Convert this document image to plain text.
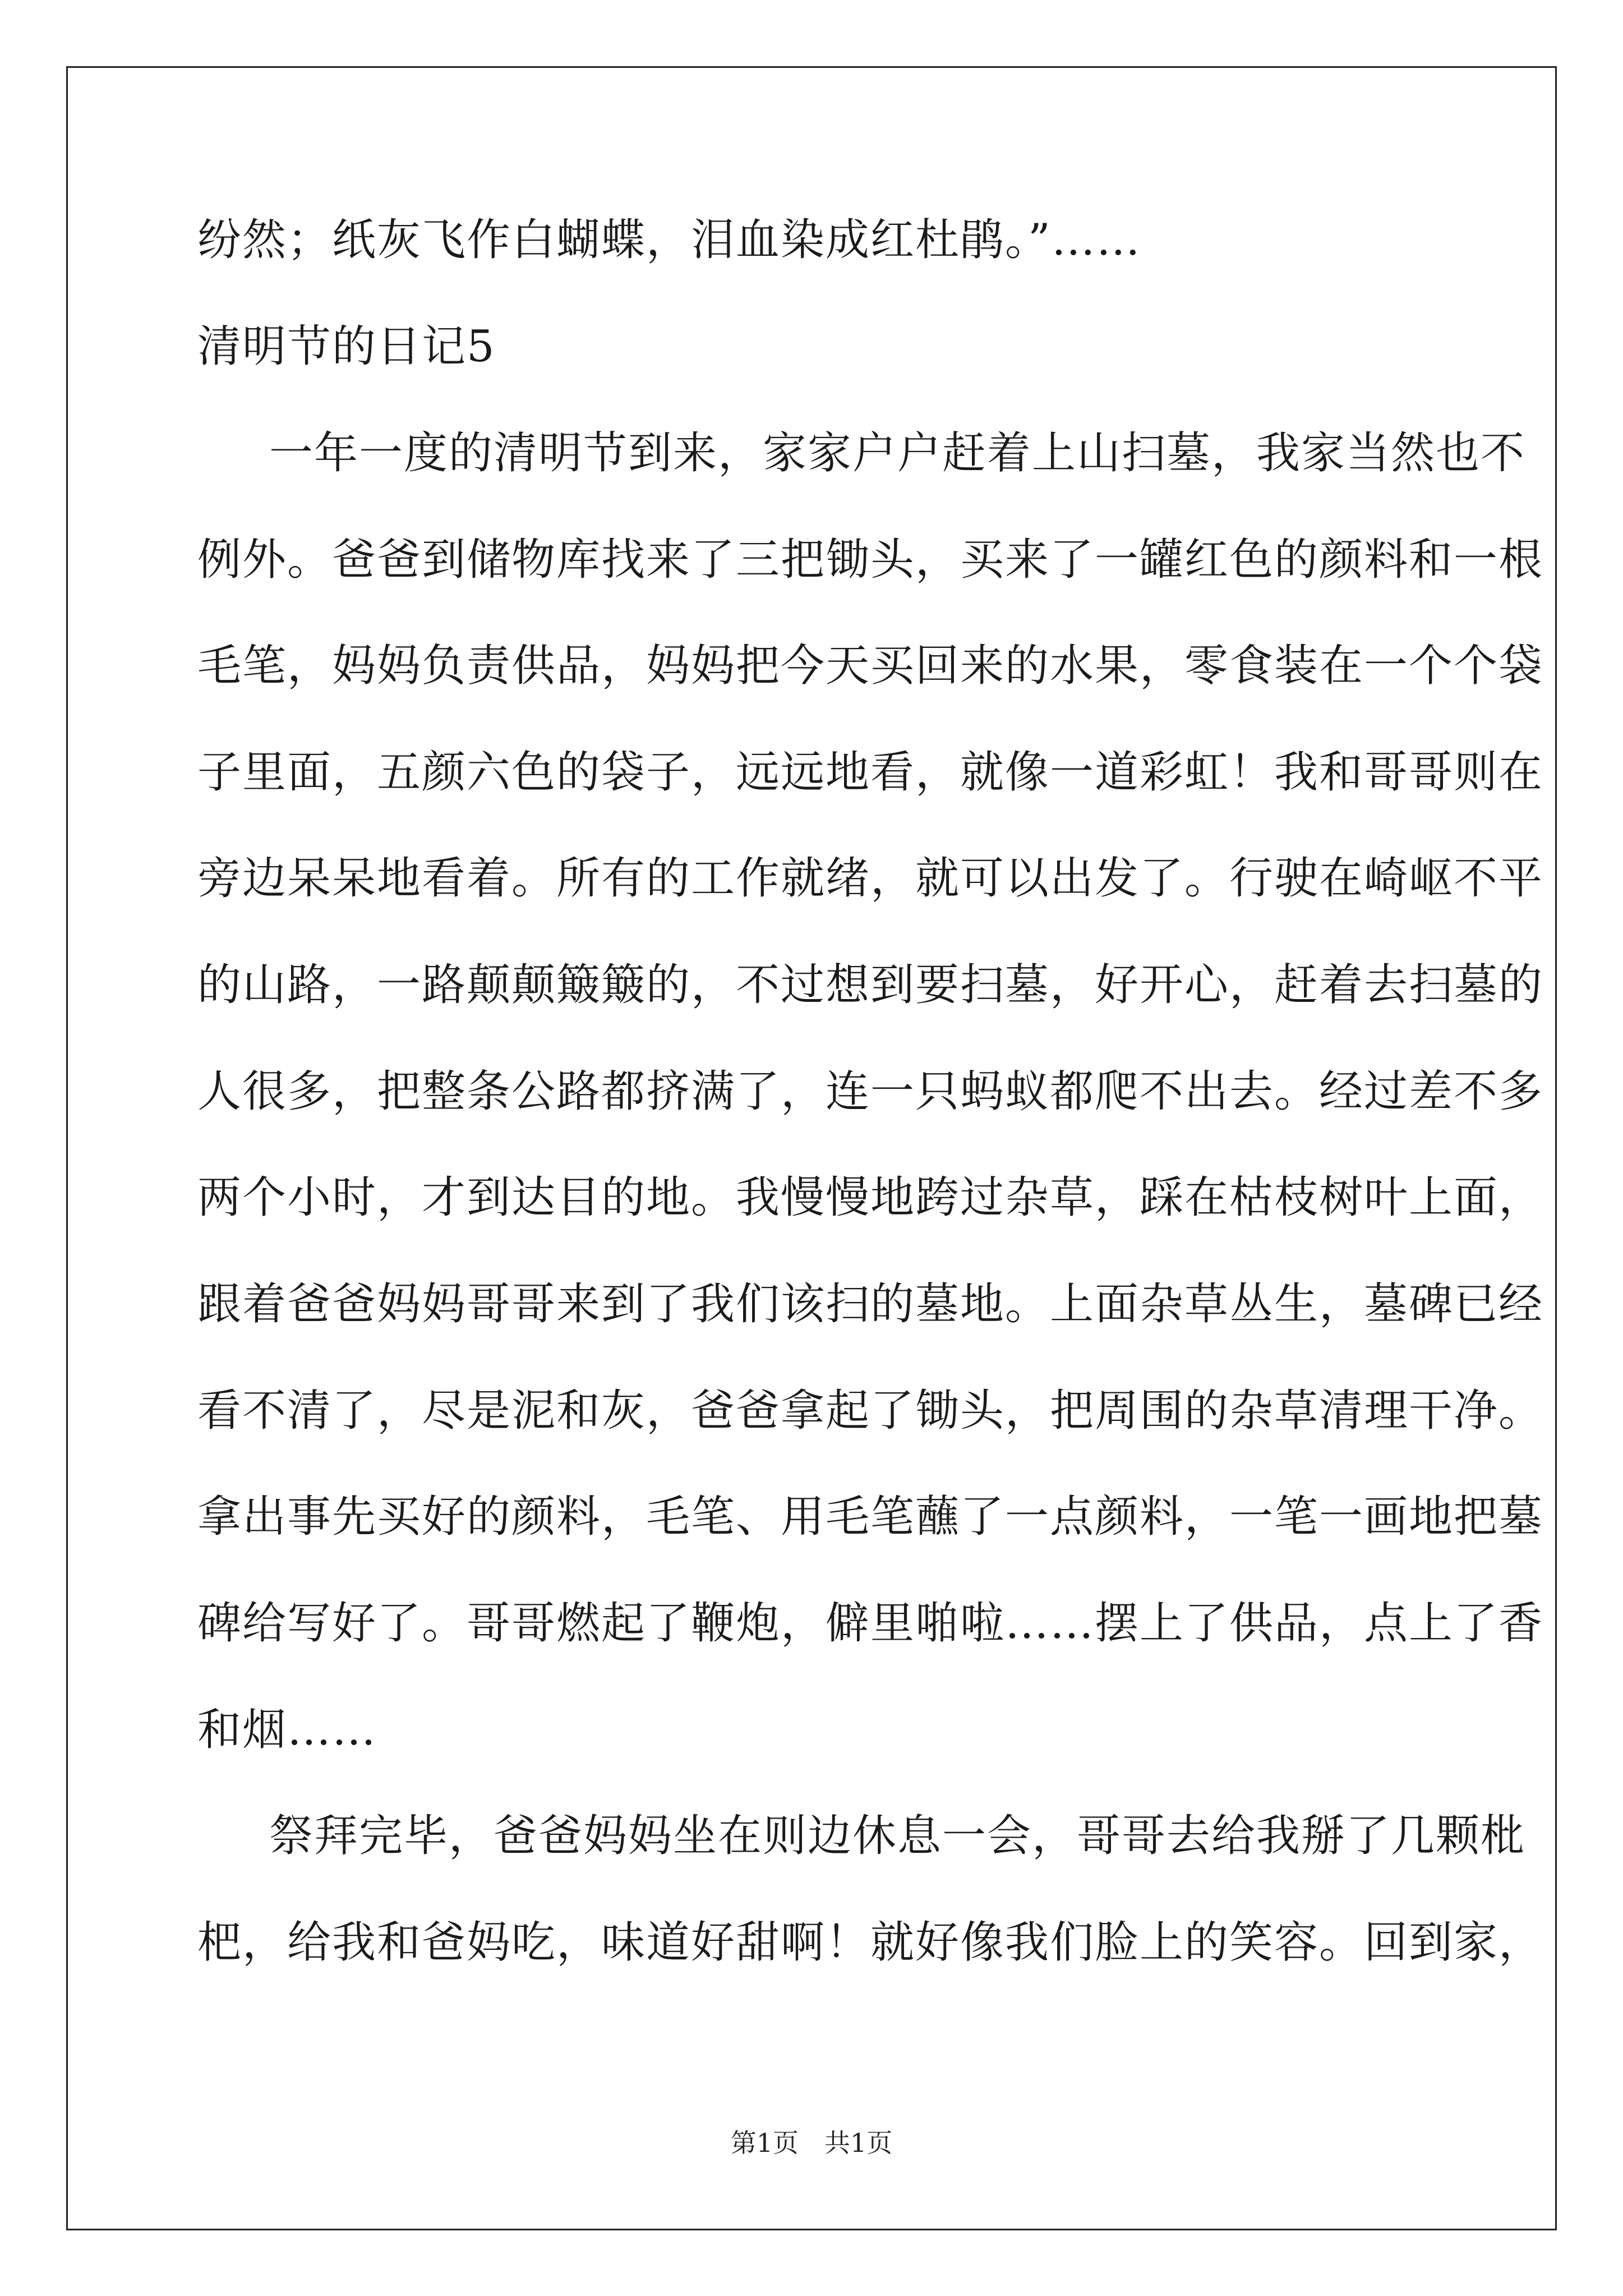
纷然；纸灰飞作白蝴蝶，泪血染成红杜鹃。”……
清明节的日记5
一年一度的清明节到来，家家户户赶着上山扫墓，我家当然也不
例外。爸爸到储物库找来了三把锄头，买来了一罐红色的颜料和一根
毛笔，妈妈负责供品，妈妈把今天买回来的水果，零食装在一个个袋
子里面，五颜六色的袋子，远远地看，就像一道彩虹！我和哥哥则在
旁边呆呆地看着。所有的工作就绪，就可以出发了。行驶在崎岖不平
的山路，一路颠颠簸簸的，不过想到要扫墓，好开心，赶着去扫墓的
人很多，把整条公路都挤满了，连一只蚂蚁都爬不出去。经过差不多
两个小时，才到达目的地。我慢慢地跨过杂草，踩在枯枝树叶上面，
跟着爸爸妈妈哥哥来到了我们该扫的墓地。上面杂草丛生，墓碑已经
看不清了，尽是泥和灰，爸爸拿起了锄头，把周围的杂草清理干净。
拿出事先买好的颜料，毛笔、用毛笔蘸了一点颜料，一笔一画地把墓
碑给写好了。哥哥燃起了鞭炮，僻里啪啦……摆上了供品，点上了香
和烟……
祭拜完毕，爸爸妈妈坐在则边休息一会，哥哥去给我掰了几颗枇
杷，给我和爸妈吃，味道好甜啊！就好像我们脸上的笑容。回到家，
第1页　共1页
